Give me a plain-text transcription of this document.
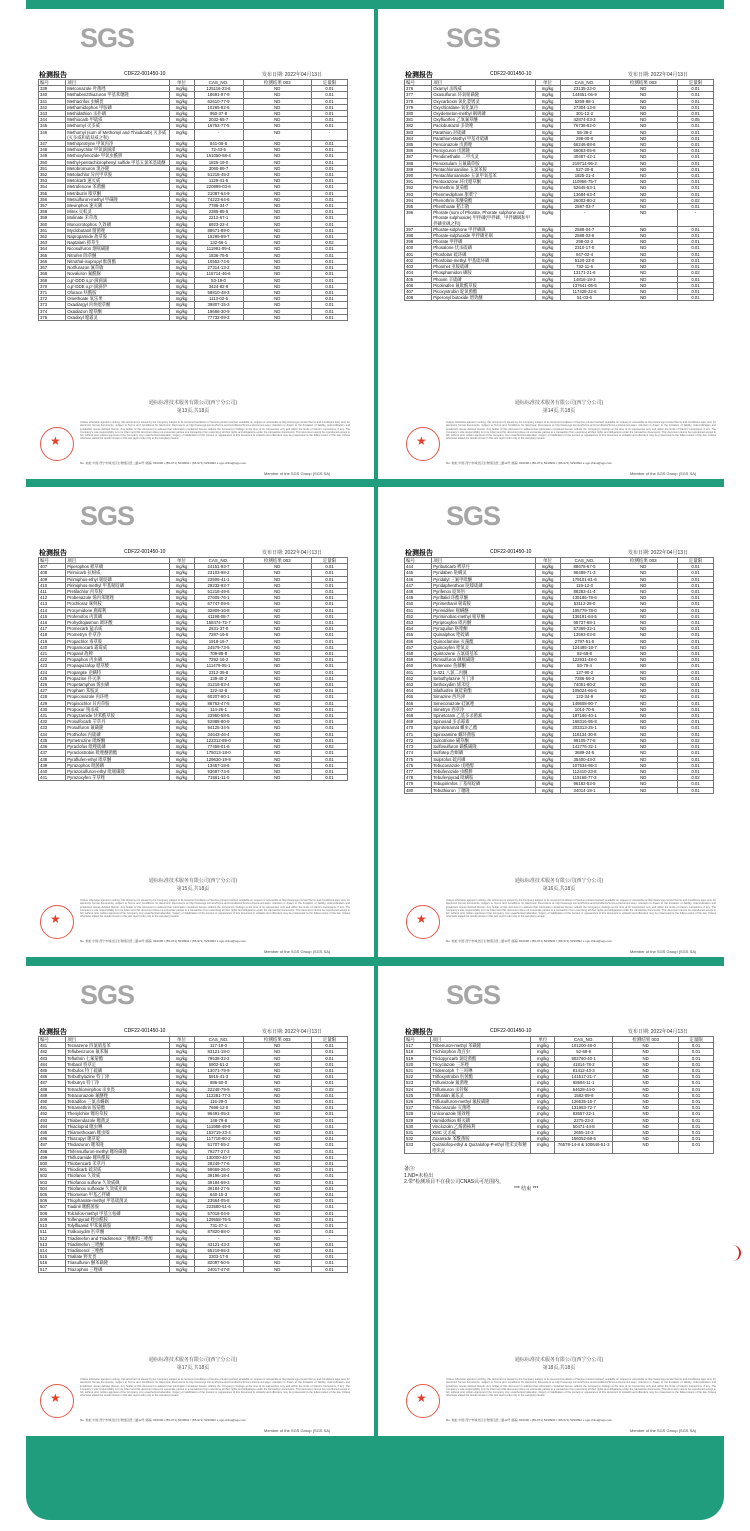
SGS
检测报告	CDF22-001450-10	发布日期: 2022年04月13日
编号	项目	单位	CAS_NO.	检测结果 003	定量限
339	Metconazole 叶菌唑	mg/kg	125116-23-6	ND	0.01
340	Methabenzthiazuron 甲基苯噻隆	mg/kg	18691-97-9	ND	0.01
341	Methacrifos 虫螨畏	mg/kg	62610-77-9	ND	0.01
342	Methamidophos 甲胺磷	mg/kg	10265-92-6	ND	0.01
343	Methidathion 杀扑磷	mg/kg	950-37-8	ND	0.01
344	Methiocarb 甲硫威	mg/kg	2032-65-7	ND	0.01
345	Methomyl 灭多威	mg/kg	16752-77-5	ND	0.01
346	Methomyl (sum of Methomyl and Thiodicarb) 灭多威(灭多威和硫双威之和)	mg/kg	-	ND	-
347	Methoprotryne 甲氧丙净	mg/kg	841-06-5	ND	0.01
348	Methoxychlor 甲氧滴滴涕	mg/kg	72-43-5	ND	0.01
349	Methoxyfenozide 甲氧虫酰肼	mg/kg	161050-58-4	ND	0.01
350	Methyl-pentachlorophenyl sulfide 甲基五氯苯基硫醚	mg/kg	1825-19-0	ND	0.01
351	Metobromuron 溴谷隆	mg/kg	3060-89-7	ND	0.01
352	Metolachlor 异丙甲草胺	mg/kg	51218-45-2	ND	0.01
353	Metolcarb 速灭威	mg/kg	1129-41-5	ND	0.01
354	Metrafenone 苯菌酮	mg/kg	220899-03-6	ND	0.01
355	Metribuzin 嗪草酮	mg/kg	21087-64-9	ND	0.01
356	Metsulfuron-methyl 甲磺隆	mg/kg	74223-64-6	ND	0.01
357	Mevinphos 速灭磷	mg/kg	7786-34-7	ND	0.01
358	Mirex 灭蚁灵	mg/kg	2385-85-5	ND	0.01
359	Molinate 禾草敌	mg/kg	2212-67-1	ND	0.01
360	Monocrotophos 久效磷	mg/kg	6923-22-4	ND	0.01
361	Myclobutanil 腈菌唑	mg/kg	88671-89-0	ND	0.01
362	Napropamide 敌草胺	mg/kg	15299-99-7	ND	0.01
363	Naptalam 抑草生	mg/kg	132-66-1	ND	0.02
364	Nicosulfuron 烟嘧磺隆	mg/kg	111991-09-4	ND	0.01
365	Nitrofen 除草醚	mg/kg	1836-75-5	ND	0.01
366	Nitrothal-isopropyl 酞菌酯	mg/kg	10552-74-6	ND	0.01
367	Norflurazon 氟草敏	mg/kg	27314-13-2	ND	0.01
368	Novaluron 氟酰脲	mg/kg	116714-46-6	ND	0.01
369	o,p'-DDD o,p'-滴滴滴	mg/kg	53-19-0	ND	0.01
370	o,p'-DDE o,p'-滴滴伊	mg/kg	3424-82-6	ND	0.01
371	Ofurace 呋酰胺	mg/kg	58810-48-3	ND	0.01
372	Omethoate 氧乐果	mg/kg	1113-02-6	ND	0.01
373	Oxadiargyl 丙炔噁草酮	mg/kg	39807-15-3	ND	0.01
374	Oxadiazon 噁草酮	mg/kg	19666-30-9	ND	0.01
375	Oxadixyl 噁霜灵	mg/kg	77732-09-3	ND	0.01
通标标准技术服务有限公司(西宁分公司)
第13页,共18页
★
Unless otherwise agreed in writing, this document is issued by the Company subject to its General Conditions of Service printed overleaf, available on request or accessible at http://www.sgs.com/en/Terms-and-Conditions.aspx and, for electronic format documents, subject to Terms and Conditions for Electronic Documents at http://www.sgs.com/en/Terms-and-Conditions/Terms-e-Document.aspx. Attention is drawn to the limitation of liability, indemnification and jurisdiction issues defined therein. Any holder of this document is advised that information contained hereon reflects the Company's findings at the time of its intervention only and within the limits of Client's instructions, if any. The Company's sole responsibility is to its Client and this document does not exonerate parties to a transaction from exercising all their rights and obligations under the transaction documents. This document cannot be reproduced except in full, without prior written approval of the Company. Any unauthorized alteration, forgery or falsification of the content or appearance of this document is unlawful and offenders may be prosecuted to the fullest extent of the law. Unless otherwise stated the results shown in this test report refer only to the sample(s) tested.
No. 地址 中国·西宁市城北区生物园区经二路12号 邮编: 810000 t (86-971) 5230991 f (86-971) 5230992 e sgs.china@sgs.com
Member of the SGS Group (SGS SA)
SGS
检测报告	CDF22-001450-10	发布日期: 2022年04月13日
编号	项目	单位	CAS_NO.	检测结果 003	定量限
376	Oxamyl 杀线威	mg/kg	23135-22-0	ND	0.01
377	Oxasulfuron 环氧嘧磺隆	mg/kg	144651-06-9	ND	0.01
378	Oxycarboxin 氧化萎锈灵	mg/kg	5259-88-1	ND	0.01
379	Oxychlordane 氧化氯丹	mg/kg	27304-13-8	ND	0.01
380	Oxydemeton-methyl 砜吸磷	mg/kg	301-12-2	ND	0.01
381	Oxyfluorfen 乙氧氟草醚	mg/kg	42874-03-3	ND	0.05
382	Paclobutrazol 多效唑	mg/kg	76738-62-0	ND	0.01
383	Parathion 对硫磷	mg/kg	56-38-2	ND	0.01
384	Parathion-Methyl 甲基对硫磷	mg/kg	298-00-0	ND	0.01
385	Penconazole 戊菌唑	mg/kg	66246-88-6	ND	0.01
386	Pencycuron 戊菌隆	mg/kg	66063-05-6	ND	0.01
387	Pendimethalin 二甲戊灵	mg/kg	40487-42-1	ND	0.01
388	Penoxsulam 五氟磺草胺	mg/kg	219714-96-2	ND	0.01
389	Pentachloroaniline 五氯苯胺	mg/kg	527-20-8	ND	0.01
390	Pentachloroanisole 五氯甲氧基苯	mg/kg	1825-21-4	ND	0.01
391	Pentoxazone 环戊噁草酮	mg/kg	110956-75-7	ND	0.01
392	Permethrin 氯菊酯	mg/kg	52645-53-1	ND	0.01
393	Phenmedipham 甜菜宁	mg/kg	13684-63-4	ND	0.01
394	Phenothrin 苯醚菊酯	mg/kg	26002-80-2	ND	0.02
395	Phenthoate 稻丰散	mg/kg	2597-03-7	ND	0.01
396	Phorate (sum of Phorate, Phorate sulphone and Phorate sulphoxide) 甲拌磷(甲拌磷、甲拌磷砜和甲拌磷亚砜之和)	mg/kg	-	ND	-
397	Phorate-sulphone 甲拌磷砜	mg/kg	2588-04-7	ND	0.01
398	Phorate-sulphoxide 甲拌磷亚砜	mg/kg	2588-03-6	ND	0.01
399	Phorate 甲拌磷	mg/kg	298-02-2	ND	0.01
400	Phosalone 伏杀硫磷	mg/kg	2310-17-0	ND	0.01
401	Phosfolan 硫环磷	mg/kg	947-02-4	ND	0.01
402	Phosfolan-methyl 甲基硫环磷	mg/kg	5120-23-0	ND	0.01
403	Phosmet 亚胺硫磷	mg/kg	732-11-6	ND	0.01
404	Phosphamidon 磷胺	mg/kg	13171-21-6	ND	0.02
405	Phoxim 辛硫磷	mg/kg	14816-18-3	ND	0.01
406	Picolinafen 氟吡酰草胺	mg/kg	137641-05-5	ND	0.01
407	Picoxystrobin 啶氧菌酯	mg/kg	117428-22-5	ND	0.01
408	Piperonyl butoxide 增效醚	mg/kg	51-03-6	ND	0.01
通标标准技术服务有限公司(西宁分公司)
第14页,共18页
★
Unless otherwise agreed in writing, this document is issued by the Company subject to its General Conditions of Service printed overleaf, available on request or accessible at http://www.sgs.com/en/Terms-and-Conditions.aspx and, for electronic format documents, subject to Terms and Conditions for Electronic Documents at http://www.sgs.com/en/Terms-and-Conditions/Terms-e-Document.aspx. Attention is drawn to the limitation of liability, indemnification and jurisdiction issues defined therein. Any holder of this document is advised that information contained hereon reflects the Company's findings at the time of its intervention only and within the limits of Client's instructions, if any. The Company's sole responsibility is to its Client and this document does not exonerate parties to a transaction from exercising all their rights and obligations under the transaction documents. This document cannot be reproduced except in full, without prior written approval of the Company. Any unauthorized alteration, forgery or falsification of the content or appearance of this document is unlawful and offenders may be prosecuted to the fullest extent of the law. Unless otherwise stated the results shown in this test report refer only to the sample(s) tested.
No. 地址 中国·西宁市城北区生物园区经二路12号 邮编: 810000 t (86-971) 5230991 f (86-971) 5230992 e sgs.china@sgs.com
Member of the SGS Group (SGS SA)
SGS
检测报告	CDF22-001450-10	发布日期: 2022年04月13日
编号	项目	单位	CAS_NO.	检测结果 003	定量限
407	Piperophos 哌草磷	mg/kg	24151-93-7	ND	0.01
408	Pirimicarb 抗蚜威	mg/kg	23103-98-2	ND	0.01
409	Pirimiphos-ethyl 嘧啶磷	mg/kg	23505-41-1	ND	0.01
410	Pirimiphos-methyl 甲基嘧啶磷	mg/kg	29232-93-7	ND	0.01
411	Pretilachlor 丙草胺	mg/kg	51218-49-6	ND	0.01
412	Probenazole 烯丙苯噻唑	mg/kg	27605-76-1	ND	0.01
413	Prochloraz 咪鲜胺	mg/kg	67747-09-5	ND	0.01
414	Procymidone 腐霉利	mg/kg	32809-16-8	ND	0.01
415	Profenofos 丙溴磷	mg/kg	41198-08-7	ND	0.01
416	Prohydrojasmon 调环酸	mg/kg	158474-72-7	ND	0.01
417	Promecarb 猛杀威	mg/kg	2631-37-0	ND	0.01
418	Prometryn 扑草净	mg/kg	7287-19-6	ND	0.01
419	Propachlor 毒草胺	mg/kg	1918-16-7	ND	0.01
420	Propamocarb 霜霉威	mg/kg	24579-73-5	ND	0.01
421	Propanil 敌稗	mg/kg	709-98-8	ND	0.01
422	Propaphos 丙虫磷	mg/kg	7292-16-2	ND	0.01
423	Propaquizafop 噁草酸	mg/kg	111479-05-1	ND	0.01
424	Propargite 克螨特	mg/kg	2312-35-8	ND	0.01
425	Propazine 扑灭津	mg/kg	139-40-2	ND	0.01
426	Propetamphos 烯虫磷	mg/kg	31218-83-4	ND	0.01
427	Propham 苯胺灵	mg/kg	122-42-9	ND	0.01
428	Propiconazole 丙环唑	mg/kg	60207-90-1	ND	0.01
429	Propisochlor 异丙草胺	mg/kg	86763-47-5	ND	0.01
430	Propoxur 残杀威	mg/kg	114-26-1	ND	0.01
431	Propyzamide 炔苯酰草胺	mg/kg	23950-58-5	ND	0.01
432	Prosulfocarb 苄草丹	mg/kg	52888-80-9	ND	0.01
433	Prosulfuron 氟磺隆	mg/kg	94125-34-5	ND	0.01
434	Prothiofos 丙硫磷	mg/kg	34643-46-4	ND	0.01
435	Pymetrozine 吡蚜酮	mg/kg	123312-89-0	ND	0.01
436	Pyraclofos 吡唑硫磷	mg/kg	77458-01-6	ND	0.02
437	Pyraclostrobin 吡唑醚菌酯	mg/kg	175013-18-0	ND	0.01
438	Pyraflufen-ethyl 吡草醚	mg/kg	129630-19-9	ND	0.01
439	Pyrazophos 吡菌磷	mg/kg	13457-18-6	ND	0.01
440	Pyrazosulfuron-ethyl 吡嘧磺隆	mg/kg	93697-74-6	ND	0.01
441	Pyrazoxyfen 苄草唑	mg/kg	71561-11-0	ND	0.01
通标标准技术服务有限公司(西宁分公司)
第15页,共18页
★
Unless otherwise agreed in writing, this document is issued by the Company subject to its General Conditions of Service printed overleaf, available on request or accessible at http://www.sgs.com/en/Terms-and-Conditions.aspx and, for electronic format documents, subject to Terms and Conditions for Electronic Documents at http://www.sgs.com/en/Terms-and-Conditions/Terms-e-Document.aspx. Attention is drawn to the limitation of liability, indemnification and jurisdiction issues defined therein. Any holder of this document is advised that information contained hereon reflects the Company's findings at the time of its intervention only and within the limits of Client's instructions, if any. The Company's sole responsibility is to its Client and this document does not exonerate parties to a transaction from exercising all their rights and obligations under the transaction documents. This document cannot be reproduced except in full, without prior written approval of the Company. Any unauthorized alteration, forgery or falsification of the content or appearance of this document is unlawful and offenders may be prosecuted to the fullest extent of the law. Unless otherwise stated the results shown in this test report refer only to the sample(s) tested.
No. 地址 中国·西宁市城北区生物园区经二路12号 邮编: 810000 t (86-971) 5230991 f (86-971) 5230992 e sgs.china@sgs.com
Member of the SGS Group (SGS SA)
SGS
检测报告	CDF22-001450-10	发布日期: 2022年04月13日
编号	项目	单位	CAS_NO.	检测结果 003	定量限
444	Pyributicarb 稗草丹	mg/kg	88678-67-5	ND	0.01
445	Pyridaben 哒螨灵	mg/kg	96489-71-3	ND	0.01
446	Pyridalyl 三氟甲吡醚	mg/kg	179101-81-6	ND	0.01
447	Pyridaphenthion 哒嗪硫磷	mg/kg	119-12-0	ND	0.01
448	Pyrifenox 啶斑肟	mg/kg	88283-41-4	ND	0.01
449	Pyriftalid 环酯草醚	mg/kg	135186-78-6	ND	0.01
450	Pyrimethanil 嘧霉胺	mg/kg	53112-28-0	ND	0.01
451	Pyrimidifen 嘧螨醚	mg/kg	105779-78-0	ND	0.01
452	Pyriminobac-methyl 嘧草醚	mg/kg	136191-64-5	ND	0.01
453	Pyriproxyfen 吡丙醚	mg/kg	95737-68-1	ND	0.01
454	Pyroquilon 咯喹酮	mg/kg	57369-32-1	ND	0.01
455	Quinalphos 喹硫磷	mg/kg	13593-03-8	ND	0.01
456	Quinoclamine 灭藻醌	mg/kg	2797-51-5	ND	0.01
457	Quinoxyfen 喹氧灵	mg/kg	124495-18-7	ND	0.01
458	Quintozene 五氯硝基苯	mg/kg	82-68-8	ND	0.01
459	Rimsulfuron 砜嘧磺隆	mg/kg	122931-48-0	ND	0.01
460	Rotenone 鱼藤酮	mg/kg	83-79-4	ND	0.01
461	S-421 八氯二丙醚	mg/kg	127-90-2	ND	0.01
462	Sebuthylazine 另丁津	mg/kg	7286-69-3	ND	0.01
463	Sethoxydim 烯禾啶	mg/kg	74051-80-2	ND	0.01
464	Silafluofen 氟硅菊酯	mg/kg	105024-66-6	ND	0.01
465	Simazine 西玛津	mg/kg	122-34-9	ND	0.01
466	Simeconazole 硅氟唑	mg/kg	149508-90-7	ND	0.01
467	Simetryn 西草净	mg/kg	1014-70-6	ND	0.01
468	Spinetoram 乙基多杀菌素	mg/kg	187166-40-1	ND	0.01
469	Spinosad 多杀霉素	mg/kg	168316-95-8	ND	0.01
470	Spirotetramat 螺虫乙酯	mg/kg	203313-25-1	ND	0.01
471	Spiroxamine 螺环菌胺	mg/kg	118134-30-8	ND	0.01
472	Sulcotrione 磺草酮	mg/kg	99105-77-8	ND	0.02
473	Sulfosulfuron 磺酰磺隆	mg/kg	141776-32-1	ND	0.01
474	Sulfotep 治螟磷	mg/kg	3689-24-5	ND	0.01
475	Sulprofos 硫丙磷	mg/kg	35400-43-2	ND	0.01
476	Tebuconazole 戊唑醇	mg/kg	107534-96-3	ND	0.01
477	Tebufenozide 虫酰肼	mg/kg	112410-23-8	ND	0.01
478	Tebufenpyrad 吡螨胺	mg/kg	119168-77-3	ND	0.02
479	Tebupirimfos 丁基嘧啶磷	mg/kg	96182-53-5	ND	0.01
480	Tebuthiuron 丁噻隆	mg/kg	34014-18-1	ND	0.01
通标标准技术服务有限公司(西宁分公司)
第16页,共18页
★
Unless otherwise agreed in writing, this document is issued by the Company subject to its General Conditions of Service printed overleaf, available on request or accessible at http://www.sgs.com/en/Terms-and-Conditions.aspx and, for electronic format documents, subject to Terms and Conditions for Electronic Documents at http://www.sgs.com/en/Terms-and-Conditions/Terms-e-Document.aspx. Attention is drawn to the limitation of liability, indemnification and jurisdiction issues defined therein. Any holder of this document is advised that information contained hereon reflects the Company's findings at the time of its intervention only and within the limits of Client's instructions, if any. The Company's sole responsibility is to its Client and this document does not exonerate parties to a transaction from exercising all their rights and obligations under the transaction documents. This document cannot be reproduced except in full, without prior written approval of the Company. Any unauthorized alteration, forgery or falsification of the content or appearance of this document is unlawful and offenders may be prosecuted to the fullest extent of the law. Unless otherwise stated the results shown in this test report refer only to the sample(s) tested.
No. 地址 中国·西宁市城北区生物园区经二路12号 邮编: 810000 t (86-971) 5230991 f (86-971) 5230992 e sgs.china@sgs.com
Member of the SGS Group (SGS SA)
SGS
检测报告	CDF22-001450-10	发布日期: 2022年04月13日
编号	项目	单位	CAS_NO.	检测结果 003	定量限
481	Tecnazene 四氯硝基苯	mg/kg	117-18-0	ND	0.01
482	Teflubenzuron 氟苯脲	mg/kg	83121-18-0	ND	0.01
483	Tefluthrin 七氟菊酯	mg/kg	79538-32-2	ND	0.01
484	Terbacil 特草定	mg/kg	5902-51-2	ND	0.01
485	Terbufos 特丁硫磷	mg/kg	13071-79-9	ND	0.01
486	Terbuthylazine 特丁津	mg/kg	5915-41-3	ND	0.01
487	Terbutryn 特丁净	mg/kg	886-50-0	ND	0.01
488	Tetrachlorvinphos 杀虫畏	mg/kg	22248-79-9	ND	0.02
489	Tetraconazole 氟醚唑	mg/kg	112281-77-3	ND	0.01
490	Tetradifon 三氯杀螨砜	mg/kg	116-29-0	ND	0.01
491	Tetramethrin 胺菊酯	mg/kg	7696-12-0	ND	0.01
492	Thenylchlor 噻吩草胺	mg/kg	96491-05-3	ND	0.01
493	Thiabendazole 噻菌灵	mg/kg	148-79-8	ND	0.01
494	Thiacloprid 噻虫啉	mg/kg	111988-49-9	ND	0.01
495	Thiamethoxam 噻虫嗪	mg/kg	153719-23-4	ND	0.01
496	Thiazopyr 噻草啶	mg/kg	117718-60-2	ND	0.01
497	Thidiazuron 噻苯隆	mg/kg	51707-55-2	ND	0.01
498	Thifensulfuron-methyl 噻吩磺隆	mg/kg	79277-27-3	ND	0.01
499	Thifluzamide 噻呋酰胺	mg/kg	130000-40-7	ND	0.01
500	Thiobencarb 禾草丹	mg/kg	28249-77-6	ND	0.01
501	Thiodicarb 硫双威	mg/kg	59669-26-0	ND	0.01
502	Thiofanox 久效威	mg/kg	39196-18-4	ND	0.01
503	Thiofanox sulfone 久效威砜	mg/kg	39184-59-3	ND	0.01
504	Thiofanox sulfoxide 久效威亚砜	mg/kg	39184-27-5	ND	0.01
505	Thiometon 甲基乙拌磷	mg/kg	640-15-3	ND	0.01
506	Thiophanate-methyl 甲基硫菌灵	mg/kg	23564-05-8	ND	0.01
507	Tiadinil 噻酰菌胺	mg/kg	223580-51-6	ND	0.01
508	Tolclofos-methyl 甲基立枯磷	mg/kg	57018-04-9	ND	0.01
509	Tolfenpyrad 唑虫酰胺	mg/kg	129558-76-5	ND	0.01
510	Tolylfluanid 甲苯氟磺胺	mg/kg	731-27-1	ND	0.01
511	Tralkoxydim 肟草酮	mg/kg	87820-88-0	ND	0.01
512	Triadimefon and Triadimenol 三唑酮和三唑醇	mg/kg	-	ND	-
513	Triadimefon 三唑酮	mg/kg	43121-43-3	ND	0.01
514	Triadimenol 三唑醇	mg/kg	55219-65-3	ND	0.01
515	Triallate 野麦畏	mg/kg	2303-17-5	ND	0.01
516	Triasulfuron 醚苯磺隆	mg/kg	82097-50-5	ND	0.01
517	Triazophos 三唑磷	mg/kg	24017-47-8	ND	0.01
通标标准技术服务有限公司(西宁分公司)
第17页,共18页
★
Unless otherwise agreed in writing, this document is issued by the Company subject to its General Conditions of Service printed overleaf, available on request or accessible at http://www.sgs.com/en/Terms-and-Conditions.aspx and, for electronic format documents, subject to Terms and Conditions for Electronic Documents at http://www.sgs.com/en/Terms-and-Conditions/Terms-e-Document.aspx. Attention is drawn to the limitation of liability, indemnification and jurisdiction issues defined therein. Any holder of this document is advised that information contained hereon reflects the Company's findings at the time of its intervention only and within the limits of Client's instructions, if any. The Company's sole responsibility is to its Client and this document does not exonerate parties to a transaction from exercising all their rights and obligations under the transaction documents. This document cannot be reproduced except in full, without prior written approval of the Company. Any unauthorized alteration, forgery or falsification of the content or appearance of this document is unlawful and offenders may be prosecuted to the fullest extent of the law. Unless otherwise stated the results shown in this test report refer only to the sample(s) tested.
No. 地址 中国·西宁市城北区生物园区经二路12号 邮编: 810000 t (86-971) 5230991 f (86-971) 5230992 e sgs.china@sgs.com
Member of the SGS Group (SGS SA)
SGS
检测报告	CDF22-001450-10	发布日期: 2022年04月13日
编号	项目	单位	CAS_NO.	检测结果 003	定量限
517	Tribenuron-methyl 苯磺隆	mg/kg	101200-48-0	ND	0.01
518	Trichlorphon 敌百虫	mg/kg	52-68-6	ND	0.01
519	Triclopyricarb 氯啶菌酯	mg/kg	902760-40-1	ND	0.01
520	Tricyclazole 三环唑	mg/kg	41814-78-2	ND	0.01
521	Tridemorph 十三吗啉	mg/kg	81412-43-3	ND	0.01
522	Trifloxystrobin 肟菌酯	mg/kg	141517-21-7	ND	0.01
523	Triflumizole 氟菌唑	mg/kg	68694-11-1	ND	0.01
524	Triflumuron 杀铃脲	mg/kg	64628-44-0	ND	0.01
525	Trifluralin 氟乐灵	mg/kg	1582-09-8	ND	0.01
526	Triflusulfuron-methyl 氟胺磺隆	mg/kg	126535-15-7	ND	0.01
527	Triticonazole 灭菌唑	mg/kg	131983-72-7	ND	0.01
528	Uniconazole 烯效唑	mg/kg	83657-22-1	ND	0.01
529	Vamidothion 蚜灭磷	mg/kg	2275-23-2	ND	0.01
530	Vinclozolin 乙烯菌核利	mg/kg	50471-44-8	ND	0.01
531	XMC 灭杀威	mg/kg	2655-14-3	ND	0.01
532	Zoxamide 苯酰菌胺	mg/kg	156052-68-5	ND	0.01
533	Quizalofop-ethyl & Quizalofop-P-ethyl 喹禾灵和精喹禾灵	mg/kg	76578-14-8 & 100646-51-3	ND	0.01
备注:
1.ND=未检出
2.带*检测项目不在我公司CNAS认可范围内。
*** 结束 ***
通标标准技术服务有限公司(西宁分公司)
第18页,共18页
★
Unless otherwise agreed in writing, this document is issued by the Company subject to its General Conditions of Service printed overleaf, available on request or accessible at http://www.sgs.com/en/Terms-and-Conditions.aspx and, for electronic format documents, subject to Terms and Conditions for Electronic Documents at http://www.sgs.com/en/Terms-and-Conditions/Terms-e-Document.aspx. Attention is drawn to the limitation of liability, indemnification and jurisdiction issues defined therein. Any holder of this document is advised that information contained hereon reflects the Company's findings at the time of its intervention only and within the limits of Client's instructions, if any. The Company's sole responsibility is to its Client and this document does not exonerate parties to a transaction from exercising all their rights and obligations under the transaction documents. This document cannot be reproduced except in full, without prior written approval of the Company. Any unauthorized alteration, forgery or falsification of the content or appearance of this document is unlawful and offenders may be prosecuted to the fullest extent of the law. Unless otherwise stated the results shown in this test report refer only to the sample(s) tested.
No. 地址 中国·西宁市城北区生物园区经二路12号 邮编: 810000 t (86-971) 5230991 f (86-971) 5230992 e sgs.china@sgs.com
Member of the SGS Group (SGS SA)
